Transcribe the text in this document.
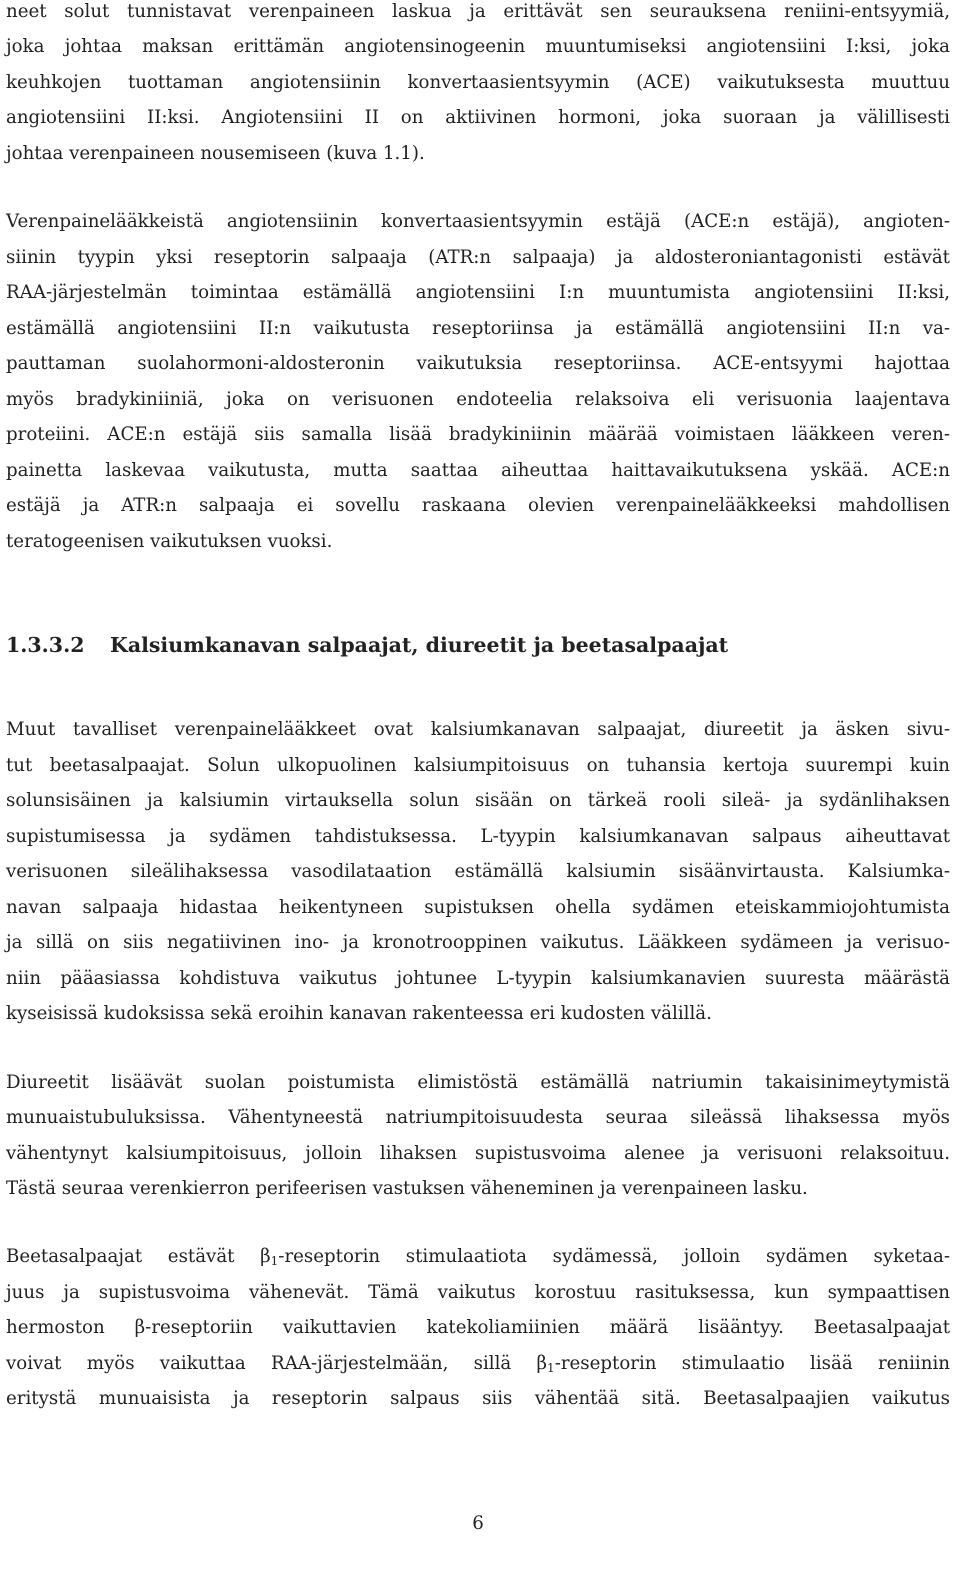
neet solut tunnistavat verenpaineen laskua ja erittävät sen seurauksena reniini-entsyymiä,
joka johtaa maksan erittämän angiotensinogeenin muuntumiseksi angiotensiini I:ksi, joka
keuhkojen tuottaman angiotensiinin konvertaasientsyymin (ACE) vaikutuksesta muuttuu
angiotensiini II:ksi. Angiotensiini II on aktiivinen hormoni, joka suoraan ja välillisesti
johtaa verenpaineen nousemiseen (kuva 1.1).
Verenpainelääkkeistä angiotensiinin konvertaasientsyymin estäjä (ACE:n estäjä), angioten-
siinin tyypin yksi reseptorin salpaaja (ATR:n salpaaja) ja aldosteroniantagonisti estävät
RAA-järjestelmän toimintaa estämällä angiotensiini I:n muuntumista angiotensiini II:ksi,
estämällä angiotensiini II:n vaikutusta reseptoriinsa ja estämällä angiotensiini II:n va-
pauttaman suolahormoni-aldosteronin vaikutuksia reseptoriinsa. ACE-entsyymi hajottaa
myös bradykiniiniä, joka on verisuonen endoteelia relaksoiva eli verisuonia laajentava
proteiini. ACE:n estäjä siis samalla lisää bradykiniinin määrää voimistaen lääkkeen veren-
painetta laskevaa vaikutusta, mutta saattaa aiheuttaa haittavaikutuksena yskää. ACE:n
estäjä ja ATR:n salpaaja ei sovellu raskaana olevien verenpainelääkkeeksi mahdollisen
teratogeenisen vaikutuksen vuoksi.
1.3.3.2 Kalsiumkanavan salpaajat, diureetit ja beetasalpaajat
Muut tavalliset verenpainelääkkeet ovat kalsiumkanavan salpaajat, diureetit ja äsken sivu-
tut beetasalpaajat. Solun ulkopuolinen kalsiumpitoisuus on tuhansia kertoja suurempi kuin
solunsisäinen ja kalsiumin virtauksella solun sisään on tärkeä rooli sileä- ja sydänlihaksen
supistumisessa ja sydämen tahdistuksessa. L-tyypin kalsiumkanavan salpaus aiheuttavat
verisuonen sileälihaksessa vasodilataation estämällä kalsiumin sisäänvirtausta. Kalsiumka-
navan salpaaja hidastaa heikentyneen supistuksen ohella sydämen eteiskammiojohtumista
ja sillä on siis negatiivinen ino- ja kronotrooppinen vaikutus. Lääkkeen sydämeen ja verisuo-
niin pääasiassa kohdistuva vaikutus johtunee L-tyypin kalsiumkanavien suuresta määrästä
kyseisissä kudoksissa sekä eroihin kanavan rakenteessa eri kudosten välillä.
Diureetit lisäävät suolan poistumista elimistöstä estämällä natriumin takaisinimeytymistä
munuaistubuluksissa. Vähentyneestä natriumpitoisuudesta seuraa sileässä lihaksessa myös
vähentynyt kalsiumpitoisuus, jolloin lihaksen supistusvoima alenee ja verisuoni relaksoituu.
Tästä seuraa verenkierron perifeerisen vastuksen väheneminen ja verenpaineen lasku.
Beetasalpaajat estävät $\beta_1$-reseptorin stimulaatiota sydämessä, jolloin sydämen syketaa-
juus ja supistusvoima vähenevät. Tämä vaikutus korostuu rasituksessa, kun sympaattisen
hermoston β-reseptoriin vaikuttavien katekoliamiinien määrä lisääntyy. Beetasalpaajat
voivat myös vaikuttaa RAA-järjestelmään, sillä $\beta_1$-reseptorin stimulaatio lisää reniinin
eritystä munuaisista ja reseptorin salpaus siis vähentää sitä. Beetasalpaajien vaikutus
6
